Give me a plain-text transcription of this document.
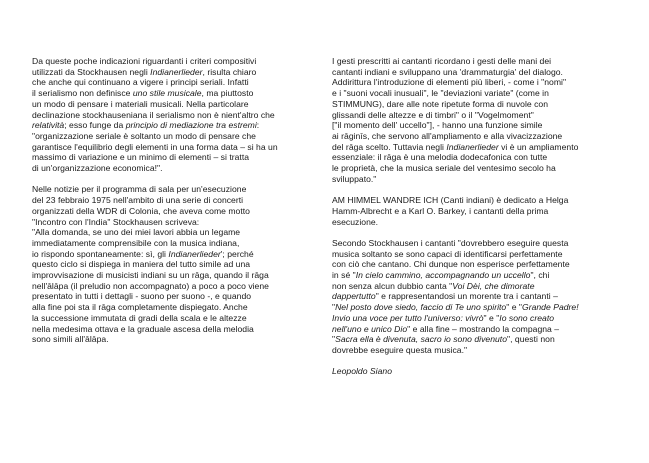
Da queste poche indicazioni riguardanti i criteri compositivi
utilizzati da Stockhausen negli Indianerlieder, risulta chiaro
che anche qui continuano a vigere i principi seriali. Infatti
il serialismo non definisce uno stile musicale, ma piuttosto
un modo di pensare i materiali musicali. Nella particolare
declinazione stockhauseniana il serialismo non è nient'altro che
relatività; esso funge da principio di mediazione tra estremi:
"organizzazione seriale è soltanto un modo di pensare che
garantisce l'equilibrio degli elementi in una forma data – si ha un
massimo di variazione e un minimo di elementi – si tratta
di un'organizzazione economica!".
Nelle notizie per il programma di sala per un'esecuzione
del 23 febbraio 1975 nell'ambito di una serie di concerti
organizzati della WDR di Colonia, che aveva come motto
"Incontro con l'India" Stockhausen scriveva:
"Alla domanda, se uno dei miei lavori abbia un legame
immediatamente comprensibile con la musica indiana,
io rispondo spontaneamente: sì, gli Indianerlieder'; perché
questo ciclo si dispiega in maniera del tutto simile ad una
improvvisazione di musicisti indiani su un rāga, quando il rāga
nell'ālāpa (il preludio non accompagnato) a poco a poco viene
presentato in tutti i dettagli - suono per suono -, e quando
alla fine poi sta il rāga completamente dispiegato. Anche
la successione immutata di gradi della scala e le altezze
nella medesima ottava e la graduale ascesa della melodia
sono simili all'ālāpa.
I gesti prescritti ai cantanti ricordano i gesti delle mani dei
cantanti indiani e sviluppano una 'drammaturgia' del dialogo.
Addirittura l'introduzione di elementi più liberi, - come i "nomi"
e i "suoni vocali inusuali", le "deviazioni variate" (come in
STIMMUNG), dare alle note ripetute forma di nuvole con
glissandi delle altezze e di timbri" o il "Vogelmoment"
["il momento dell' uccello"], - hanno una funzione simile
ai rāginīs, che servono all'ampliamento e alla vivacizzazione
del rāga scelto. Tuttavia negli Indianerlieder vi è un ampliamento
essenziale: il rāga è una melodia dodecafonica con tutte
le proprietà, che la musica seriale del ventesimo secolo ha
sviluppato."
AM HIMMEL WANDRE ICH (Canti indiani) è dedicato a Helga
Hamm-Albrecht e a Karl O. Barkey, i cantanti della prima
esecuzione.
Secondo Stockhausen i cantanti "dovrebbero eseguire questa
musica soltanto se sono capaci di identificarsi perfettamente
con ciò che cantano. Chi dunque non esperisce perfettamente
in sé "In cielo cammino, accompagnando un uccello", chi
non senza alcun dubbio canta "Voi Dèi, che dimorate
dappertutto" e rappresentandosi un morente tra i cantanti –
"Nel posto dove siedo, faccio di Te uno spirito" e "Grande Padre!
Invio una voce per tutto l'universo: vivrò" e "Io sono creato
nell'uno e unico Dio" e alla fine – mostrando la compagna –
"Sacra ella è divenuta, sacro io sono divenuto", questi non
dovrebbe eseguire questa musica."
Leopoldo Siano
